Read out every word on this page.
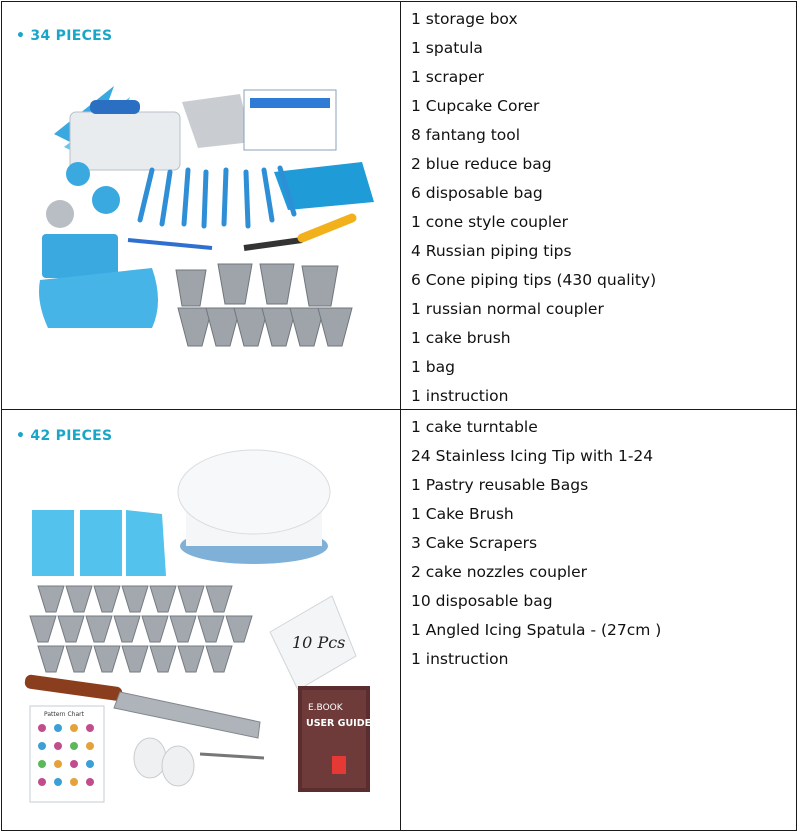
• 34 PIECES
1 storage box
1 spatula
1 scraper
1 Cupcake Corer
8 fantang tool
2 blue reduce bag
6 disposable bag
1 cone style coupler
4 Russian piping tips
6 Cone piping tips (430 quality)
1 russian normal coupler
1 cake brush
1 bag
1 instruction
• 42 PIECES
10 Pcs
Pattern Chart
E.BOOK
USER GUIDE
1 cake turntable
24 Stainless Icing Tip with 1-24
1 Pastry reusable Bags
1 Cake Brush
3 Cake Scrapers
2 cake nozzles coupler
10 disposable bag
1 Angled Icing Spatula - (27cm )
1 instruction
